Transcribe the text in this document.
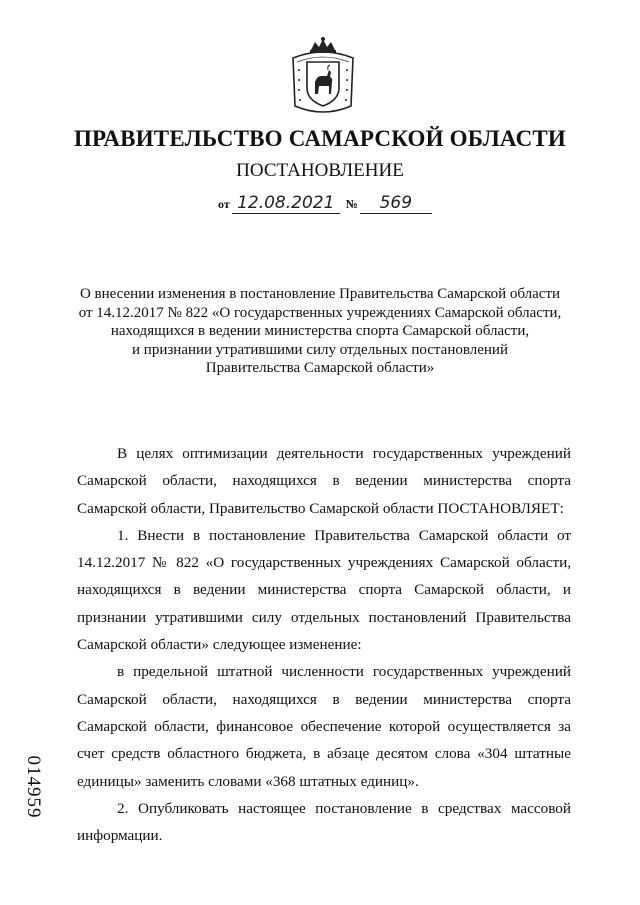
ПРАВИТЕЛЬСТВО САМАРСКОЙ ОБЛАСТИ
ПОСТАНОВЛЕНИЕ
от 12.08.2021 №	569
О внесении изменения в постановление Правительства Самарской области
от 14.12.2017 № 822 «О государственных учреждениях Самарской области,
находящихся в ведении министерства спорта Самарской области,
и признании утратившими силу отдельных постановлений
Правительства Самарской области»

В целях оптимизации деятельности государственных учреждений Самарской области, находящихся в ведении министерства спорта Самарской области, Правительство Самарской области ПОСТАНОВЛЯЕТ:

1. Внести в постановление Правительства Самарской области от 14.12.2017 № 822 «О государственных учреждениях Самарской области, находящихся в ведении министерства спорта Самарской области, и признании утратившими силу отдельных постановлений Правительства Самарской области» следующее изменение:

в предельной штатной численности государственных учреждений Самарской области, находящихся в ведении министерства спорта Самарской области, финансовое обеспечение которой осуществляется за счет средств областного бюджета, в абзаце десятом слова «304 штатные единицы» заменить словами «368 штатных единиц».

2. Опубликовать настоящее постановление в средствах массовой информации.

014959
